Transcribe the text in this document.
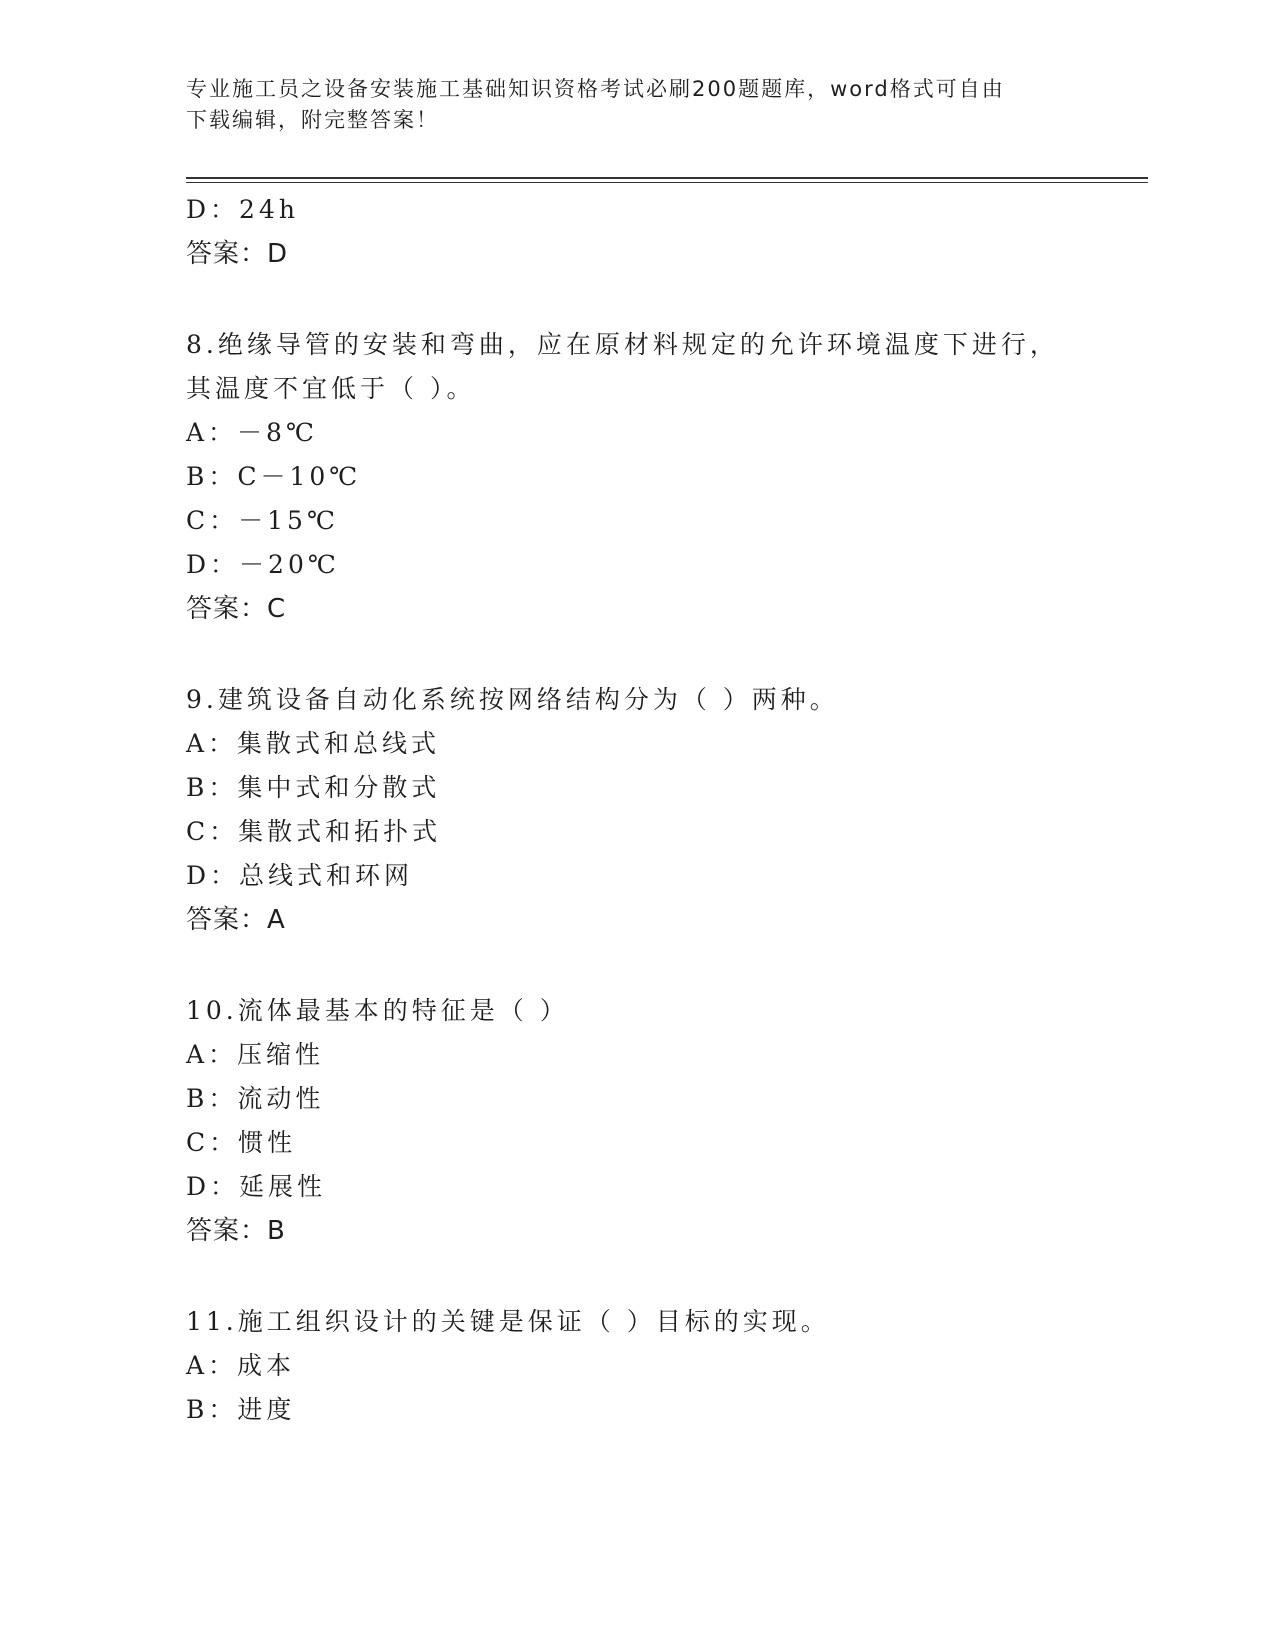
专业施工员之设备安装施工基础知识资格考试必刷200题题库，word格式可自由
下载编辑，附完整答案！
D：24h
答案：D
8.绝缘导管的安装和弯曲，应在原材料规定的允许环境温度下进行，
其温度不宜低于（ ）。
A：－8℃
B：C－10℃
C：－15℃
D：－20℃
答案：C
9.建筑设备自动化系统按网络结构分为（ ）两种。
A：集散式和总线式
B：集中式和分散式
C：集散式和拓扑式
D：总线式和环网
答案：A
10.流体最基本的特征是（ ）
A：压缩性
B：流动性
C：惯性
D：延展性
答案：B
11.施工组织设计的关键是保证（ ）目标的实现。
A：成本
B：进度
